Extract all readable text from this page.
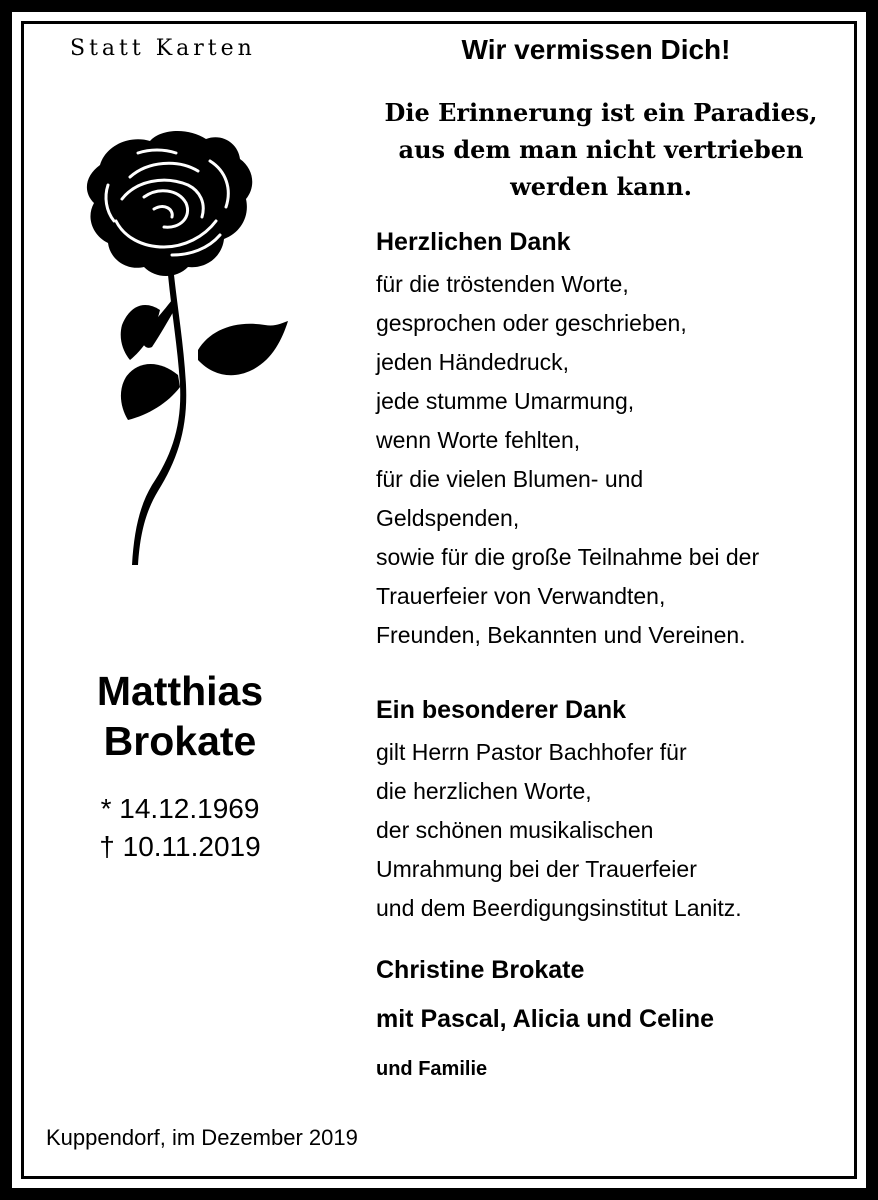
Statt Karten	Wir vermissen Dich!
Die Erinnerung ist ein Paradies,
aus dem man nicht vertrieben
werden kann.
Herzlichen Dank
für die tröstenden Worte,
gesprochen oder geschrieben,
jeden Händedruck,
jede stumme Umarmung,
wenn Worte fehlten,
für die vielen Blumen- und
Geldspenden,
sowie für die große Teilnahme bei der
Trauerfeier von Verwandten,
Freunden, Bekannten und Vereinen.
Ein besonderer Dank
gilt Herrn Pastor Bachhofer für
die herzlichen Worte,
der schönen musikalischen
Umrahmung bei der Trauerfeier
und dem Beerdigungsinstitut Lanitz.
Christine Brokate
mit Pascal, Alicia und Celine
und Familie
Matthias
Brokate
* 14.12.1969
† 10.11.2019
Kuppendorf, im Dezember 2019
